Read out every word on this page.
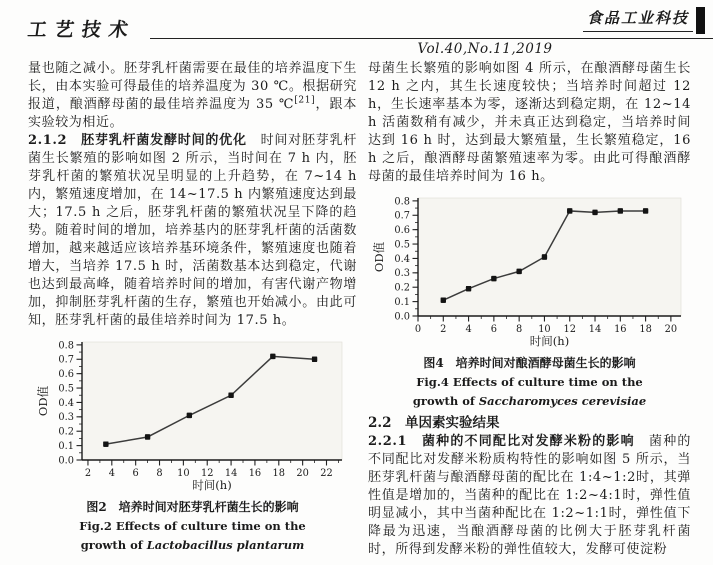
工艺技术
食品工业科技
Vol.40,No.11,2019

量也随之减小。胚芽乳杆菌需要在最佳的培养温度下生长，由本实验可得最佳的培养温度为 30 ℃。根据研究报道，酿酒酵母菌的最佳培养温度为 35 ℃[21]，跟本实验较为相近。

2.1.2　胚芽乳杆菌发酵时间的优化　时间对胚芽乳杆菌生长繁殖的影响如图 2 所示，当时间在 7 h 内，胚芽乳杆菌的繁殖状况呈明显的上升趋势，在 7~14 h 内，繁殖速度增加，在 14~17.5 h 内繁殖速度达到最大；17.5 h 之后，胚芽乳杆菌的繁殖状况呈下降的趋势。随着时间的增加，培养基内的胚芽乳杆菌的活菌数增加，越来越适应该培养基环境条件，繁殖速度也随着增大，当培养 17.5 h 时，活菌数基本达到稳定，代谢也达到最高峰，随着培养时间的增加，有害代谢产物增加，抑制胚芽乳杆菌的生存，繁殖也开始减小。由此可知，胚芽乳杆菌的最佳培养时间为 17.5 h。

0.0
0.1
0.2
0.3
0.4
0.5
0.6
0.7
0.8
2 4 6 8 10 12 14 16 18 20 22
时间(h)
OD值
图2　培养时间对胚芽乳杆菌生长的影响
Fig.2 Effects of culture time on the
growth of Lactobacillus plantarum

母菌生长繁殖的影响如图 4 所示，在酿酒酵母菌生长 12 h 之内，其生长速度较快；当培养时间超过 12 h，生长速率基本为零，逐渐达到稳定期，在 12~14 h 活菌数稍有减少，并未真正达到稳定，当培养时间达到 16 h 时，达到最大繁殖量，生长繁殖稳定，16 h 之后，酿酒酵母菌繁殖速率为零。由此可得酿酒酵母菌的最佳培养时间为 16 h。

0.0
0.1
0.2
0.3
0.4
0.5
0.6
0.7
0.8
0 2 4 6 8 10 12 14 16 18 20
时间(h)
OD值
图4　培养时间对酿酒酵母菌生长的影响
Fig.4 Effects of culture time on the
growth of Saccharomyces cerevisiae
2.2　单因素实验结果

2.2.1　菌种的不同配比对发酵米粉的影响　菌种的不同配比对发酵米粉质构特性的影响如图 5 所示，当胚芽乳杆菌与酿酒酵母菌的配比在 1:4~1:2时，其弹性值是增加的，当菌种的配比在 1:2~4:1时，弹性值明显减小，其中当菌种配比在 1:2~1:1时，弹性值下降最为迅速，当酿酒酵母菌的比例大于胚芽乳杆菌时，所得到发酵米粉的弹性值较大，发酵可使淀粉
